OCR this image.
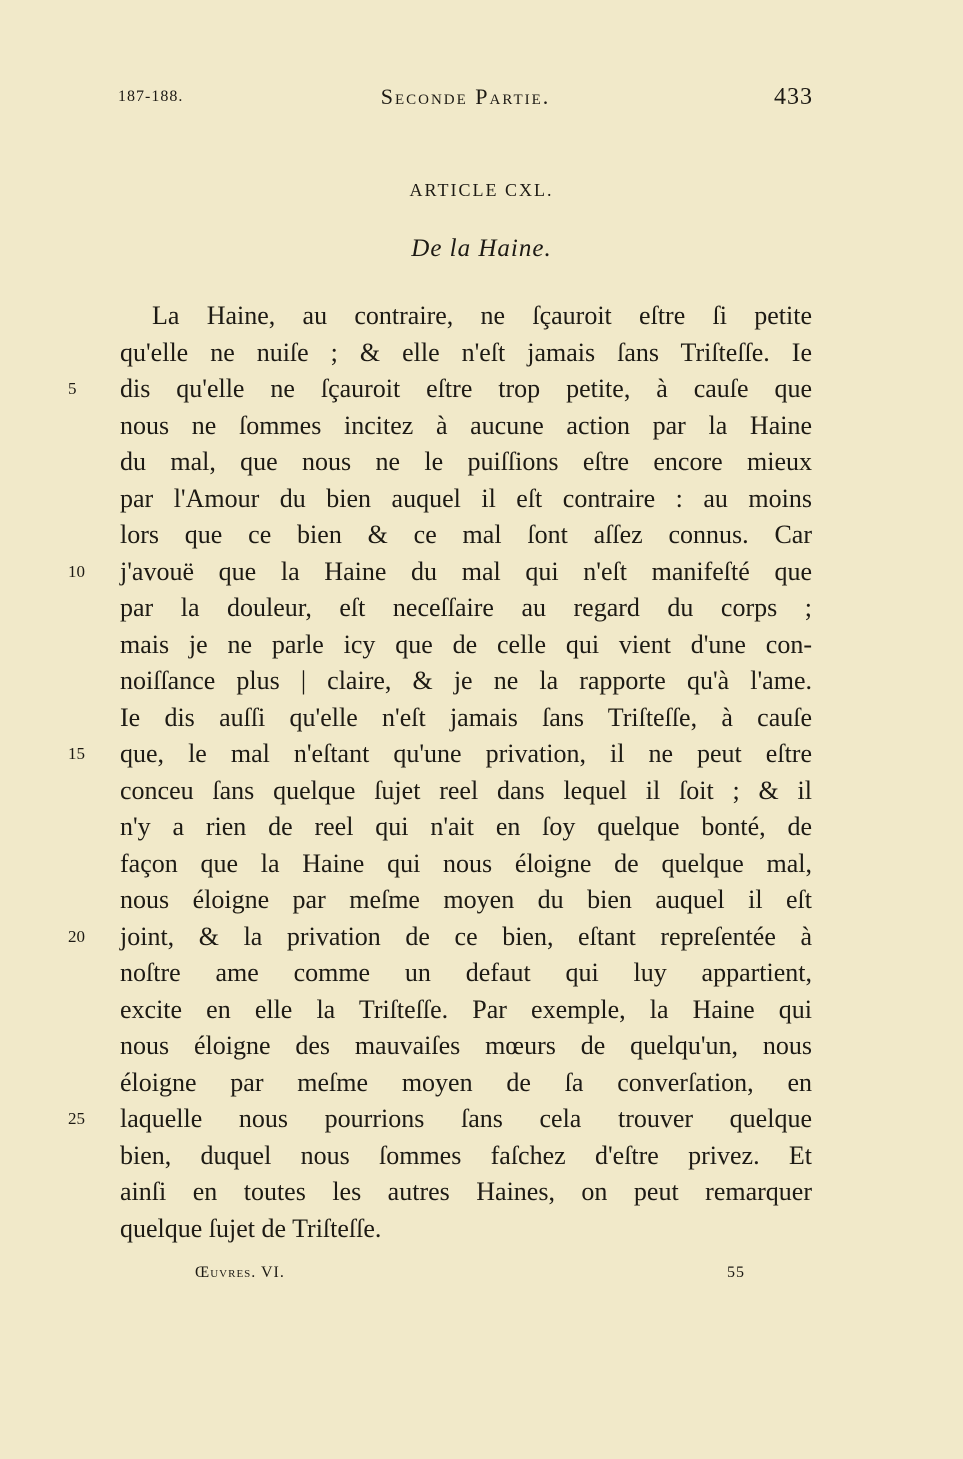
187-188.	Seconde Partie.	433
ARTICLE CXL.
De la Haine.
La Haine, au contraire, ne ſçauroit eſtre ſi petite
qu'elle ne nuiſe ; & elle n'eſt jamais ſans Triſteſſe. Ie
5	dis qu'elle ne ſçauroit eſtre trop petite, à cauſe que
nous ne ſommes incitez à aucune action par la Haine
du mal, que nous ne le puiſſions eſtre encore mieux
par l'Amour du bien auquel il eſt contraire : au moins
lors que ce bien & ce mal ſont aſſez connus. Car
10	j'avouë que la Haine du mal qui n'eſt manifeſté que
par la douleur, eſt neceſſaire au regard du corps ;
mais je ne parle icy que de celle qui vient d'une con-
noiſſance plus | claire, & je ne la rapporte qu'à l'ame.
Ie dis auſſi qu'elle n'eſt jamais ſans Triſteſſe, à cauſe
15	que, le mal n'eſtant qu'une privation, il ne peut eſtre
conceu ſans quelque ſujet reel dans lequel il ſoit ; & il
n'y a rien de reel qui n'ait en ſoy quelque bonté, de
façon que la Haine qui nous éloigne de quelque mal,
nous éloigne par meſme moyen du bien auquel il eſt
20	joint, & la privation de ce bien, eſtant repreſentée à
noſtre ame comme un defaut qui luy appartient,
excite en elle la Triſteſſe. Par exemple, la Haine qui
nous éloigne des mauvaiſes mœurs de quelqu'un, nous
éloigne par meſme moyen de ſa converſation, en
25	laquelle nous pourrions ſans cela trouver quelque
bien, duquel nous ſommes faſchez d'eſtre privez. Et
ainſi en toutes les autres Haines, on peut remarquer
quelque ſujet de Triſteſſe.
Œuvres. VI.	55
